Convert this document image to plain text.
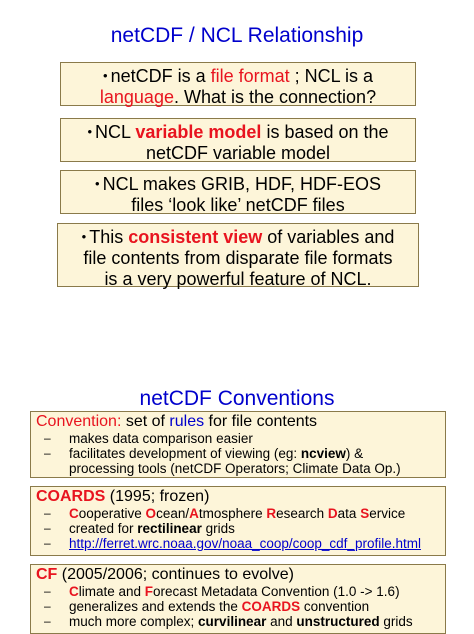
netCDF / NCL Relationship
• netCDF is a file format ; NCL is a
language. What is the connection?
• NCL variable model is based on the
netCDF variable model
• NCL makes GRIB, HDF, HDF-EOS
files ‘look like’ netCDF files
• This consistent view of variables and
file contents from disparate file formats
is a very powerful feature of NCL.
netCDF Conventions
Convention: set of rules for file contents
– makes data comparison easier
– facilitates development of viewing (eg: ncview) &
processing tools (netCDF Operators; Climate Data Op.)
COARDS (1995; frozen)
– Cooperative Ocean/Atmosphere Research Data Service
– created for rectilinear grids
– http://ferret.wrc.noaa.gov/noaa_coop/coop_cdf_profile.html
CF (2005/2006; continues to evolve)
– Climate and Forecast Metadata Convention (1.0 -> 1.6)
– generalizes and extends the COARDS convention
– much more complex; curvilinear and unstructured grids
